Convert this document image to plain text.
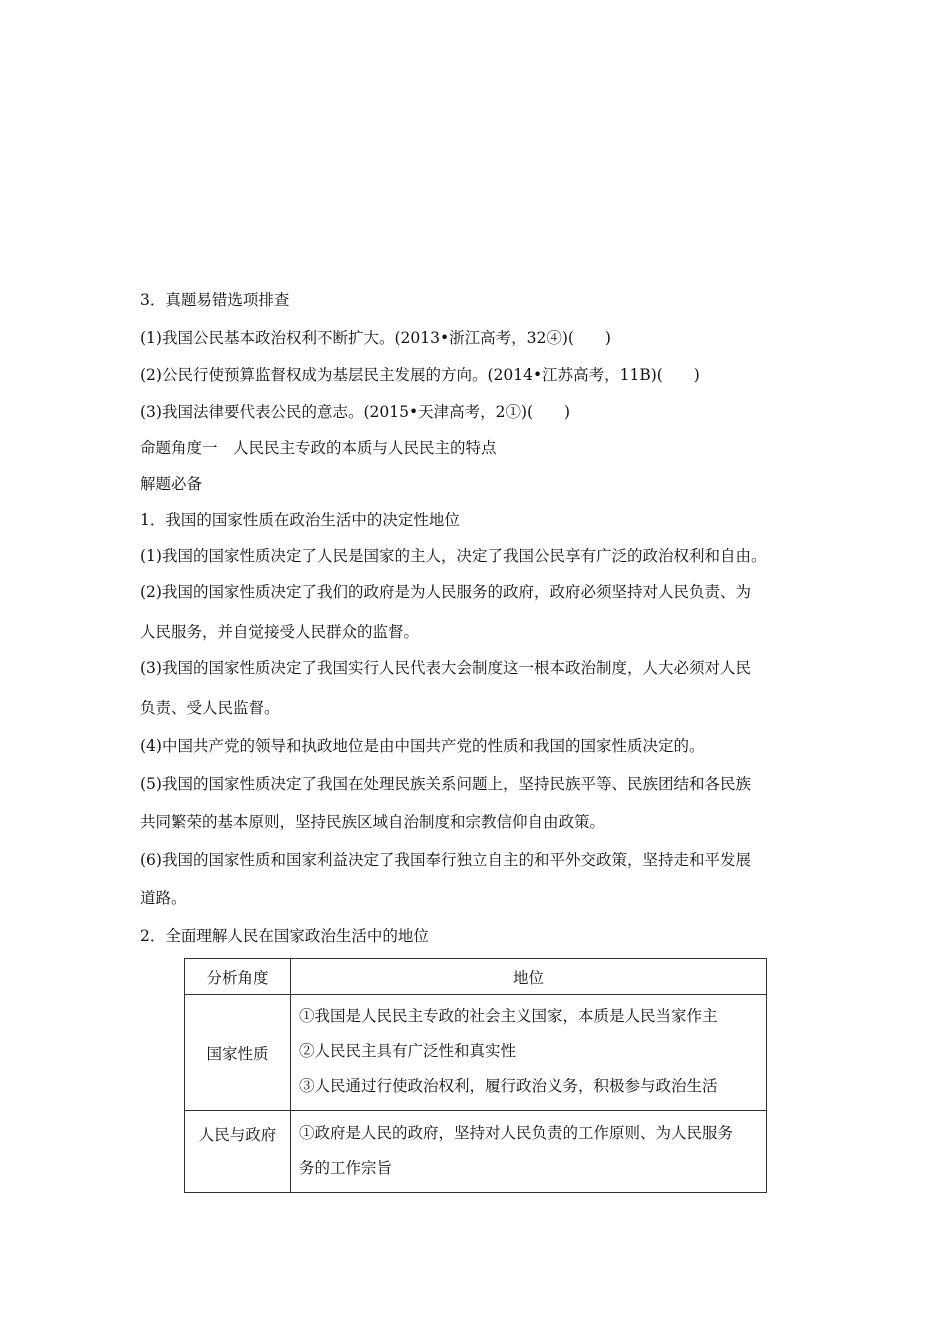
3．真题易错选项排查
(1)我国公民基本政治权利不断扩大。(2013•浙江高考，32④)(　　)
(2)公民行使预算监督权成为基层民主发展的方向。(2014•江苏高考，11B)(　　)
(3)我国法律要代表公民的意志。(2015•天津高考，2①)(　　)
命题角度一　人民民主专政的本质与人民民主的特点
解题必备
1．我国的国家性质在政治生活中的决定性地位
(1)我国的国家性质决定了人民是国家的主人，决定了我国公民享有广泛的政治权利和自由。
(2)我国的国家性质决定了我们的政府是为人民服务的政府，政府必须坚持对人民负责、为
人民服务，并自觉接受人民群众的监督。
(3)我国的国家性质决定了我国实行人民代表大会制度这一根本政治制度，人大必须对人民
负责、受人民监督。
(4)中国共产党的领导和执政地位是由中国共产党的性质和我国的国家性质决定的。
(5)我国的国家性质决定了我国在处理民族关系问题上，坚持民族平等、民族团结和各民族
共同繁荣的基本原则，坚持民族区域自治制度和宗教信仰自由政策。
(6)我国的国家性质和国家利益决定了我国奉行独立自主的和平外交政策，坚持走和平发展
道路。
2．全面理解人民在国家政治生活中的地位
分析角度	地位
国家性质	①我国是人民民主专政的社会主义国家，本质是人民当家作主
②人民民主具有广泛性和真实性
③人民通过行使政治权利，履行政治义务，积极参与政治生活

人民与政府	①政府是人民的政府，坚持对人民负责的工作原则、为人民服务
务的工作宗旨
